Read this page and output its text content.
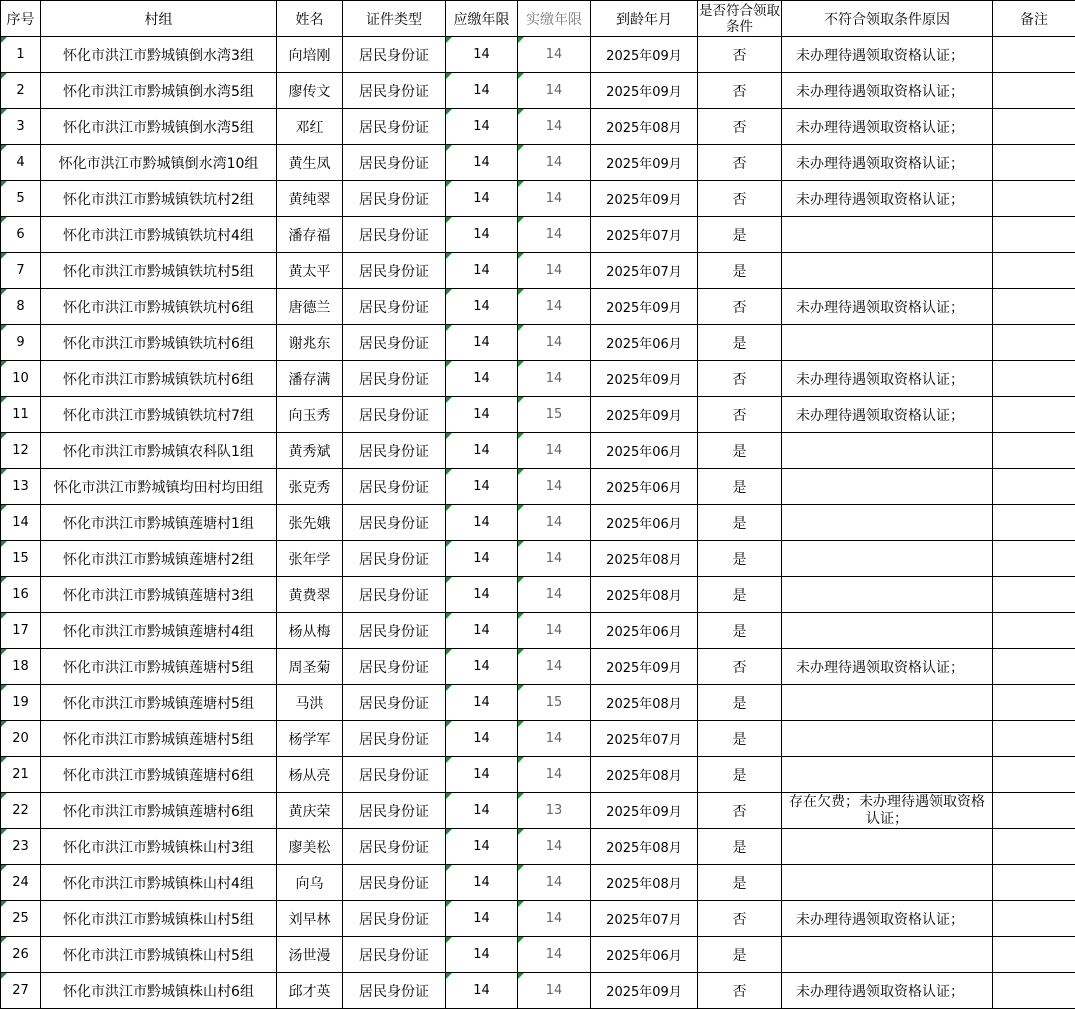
序号	村组	姓名	证件类型	应缴年限	实缴年限	到龄年月	是否符合领取条件	不符合领取条件原因	备注
1	怀化市洪江市黔城镇倒水湾3组	向培刚	居民身份证	14	14	2025年09月	否	未办理待遇领取资格认证；	
2	怀化市洪江市黔城镇倒水湾5组	廖传文	居民身份证	14	14	2025年09月	否	未办理待遇领取资格认证；	
3	怀化市洪江市黔城镇倒水湾5组	邓红	居民身份证	14	14	2025年08月	否	未办理待遇领取资格认证；	
4	怀化市洪江市黔城镇倒水湾10组	黄生凤	居民身份证	14	14	2025年09月	否	未办理待遇领取资格认证；	
5	怀化市洪江市黔城镇铁坑村2组	黄纯翠	居民身份证	14	14	2025年09月	否	未办理待遇领取资格认证；	
6	怀化市洪江市黔城镇铁坑村4组	潘存福	居民身份证	14	14	2025年07月	是		
7	怀化市洪江市黔城镇铁坑村5组	黄太平	居民身份证	14	14	2025年07月	是		
8	怀化市洪江市黔城镇铁坑村6组	唐德兰	居民身份证	14	14	2025年09月	否	未办理待遇领取资格认证；	
9	怀化市洪江市黔城镇铁坑村6组	谢兆东	居民身份证	14	14	2025年06月	是		
10	怀化市洪江市黔城镇铁坑村6组	潘存满	居民身份证	14	14	2025年09月	否	未办理待遇领取资格认证；	
11	怀化市洪江市黔城镇铁坑村7组	向玉秀	居民身份证	14	15	2025年09月	否	未办理待遇领取资格认证；	
12	怀化市洪江市黔城镇农科队1组	黄秀斌	居民身份证	14	14	2025年06月	是		
13	怀化市洪江市黔城镇均田村均田组	张克秀	居民身份证	14	14	2025年06月	是		
14	怀化市洪江市黔城镇莲塘村1组	张先娥	居民身份证	14	14	2025年06月	是		
15	怀化市洪江市黔城镇莲塘村2组	张年学	居民身份证	14	14	2025年08月	是		
16	怀化市洪江市黔城镇莲塘村3组	黄费翠	居民身份证	14	14	2025年08月	是		
17	怀化市洪江市黔城镇莲塘村4组	杨从梅	居民身份证	14	14	2025年06月	是		
18	怀化市洪江市黔城镇莲塘村5组	周圣菊	居民身份证	14	14	2025年09月	否	未办理待遇领取资格认证；	
19	怀化市洪江市黔城镇莲塘村5组	马洪	居民身份证	14	15	2025年08月	是		
20	怀化市洪江市黔城镇莲塘村5组	杨学军	居民身份证	14	14	2025年07月	是		
21	怀化市洪江市黔城镇莲塘村6组	杨从亮	居民身份证	14	14	2025年08月	是		
22	怀化市洪江市黔城镇莲塘村6组	黄庆荣	居民身份证	14	13	2025年09月	否	存在欠费；未办理待遇领取资格认证；	
23	怀化市洪江市黔城镇株山村3组	廖美松	居民身份证	14	14	2025年08月	是		
24	怀化市洪江市黔城镇株山村4组	向乌	居民身份证	14	14	2025年08月	是		
25	怀化市洪江市黔城镇株山村5组	刘早林	居民身份证	14	14	2025年07月	否	未办理待遇领取资格认证；	
26	怀化市洪江市黔城镇株山村5组	汤世漫	居民身份证	14	14	2025年06月	是		
27	怀化市洪江市黔城镇株山村6组	邱才英	居民身份证	14	14	2025年09月	否	未办理待遇领取资格认证；	
